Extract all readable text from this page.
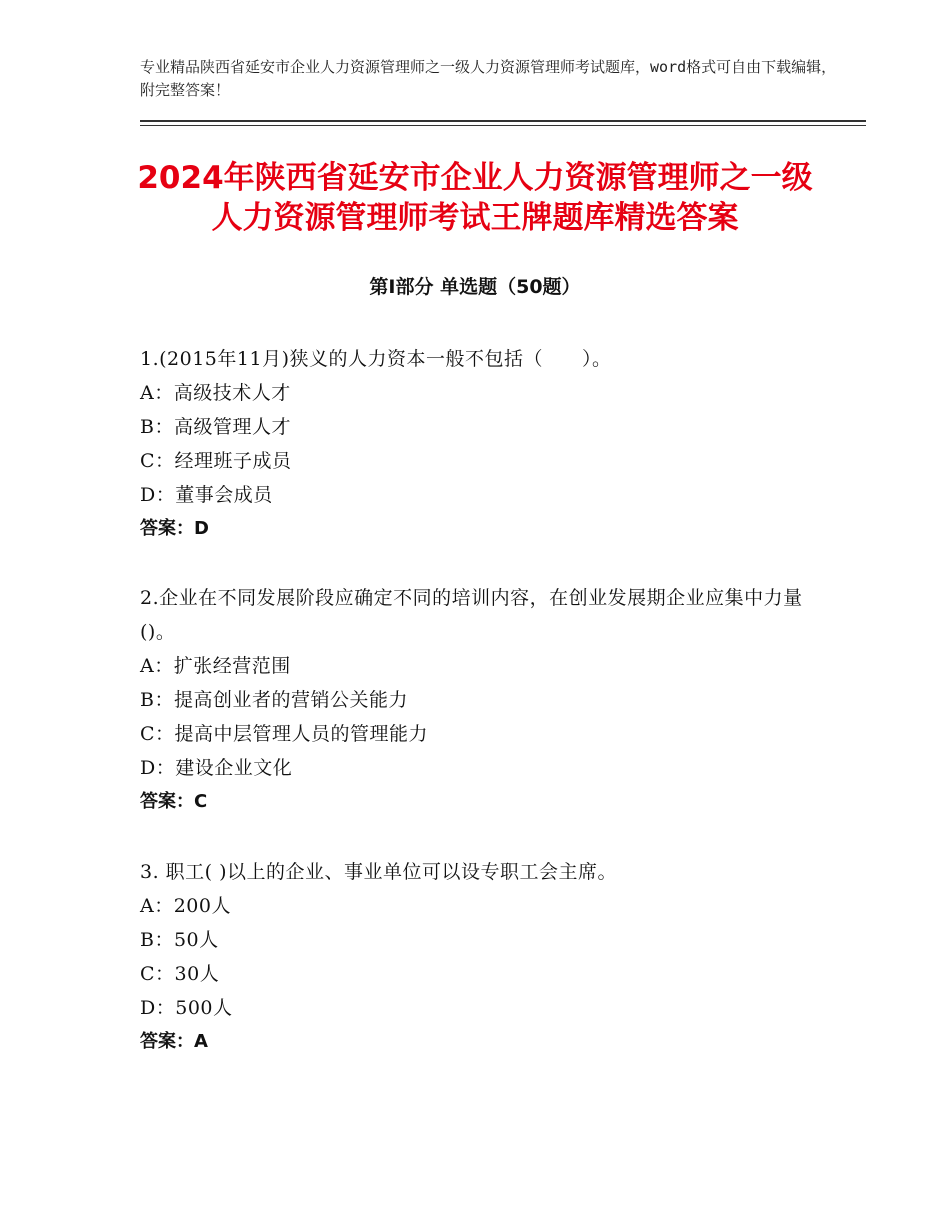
专业精品陕西省延安市企业人力资源管理师之一级人力资源管理师考试题库，word格式可自由下载编辑，附完整答案！
2024年陕西省延安市企业人力资源管理师之一级人力资源管理师考试王牌题库精选答案
第Ⅰ部分 单选题（50题）

1.(2015年11月)狭义的人力资本一般不包括（　　）。

A：高级技术人才

B：高级管理人才

C：经理班子成员

D：董事会成员

答案：D

2.企业在不同发展阶段应确定不同的培训内容，在创业发展期企业应集中力量()。

A：扩张经营范围

B：提高创业者的营销公关能力

C：提高中层管理人员的管理能力

D：建设企业文化

答案：C

3. 职工( )以上的企业、事业单位可以设专职工会主席。

A：200人

B：50人

C：30人

D：500人

答案：A
